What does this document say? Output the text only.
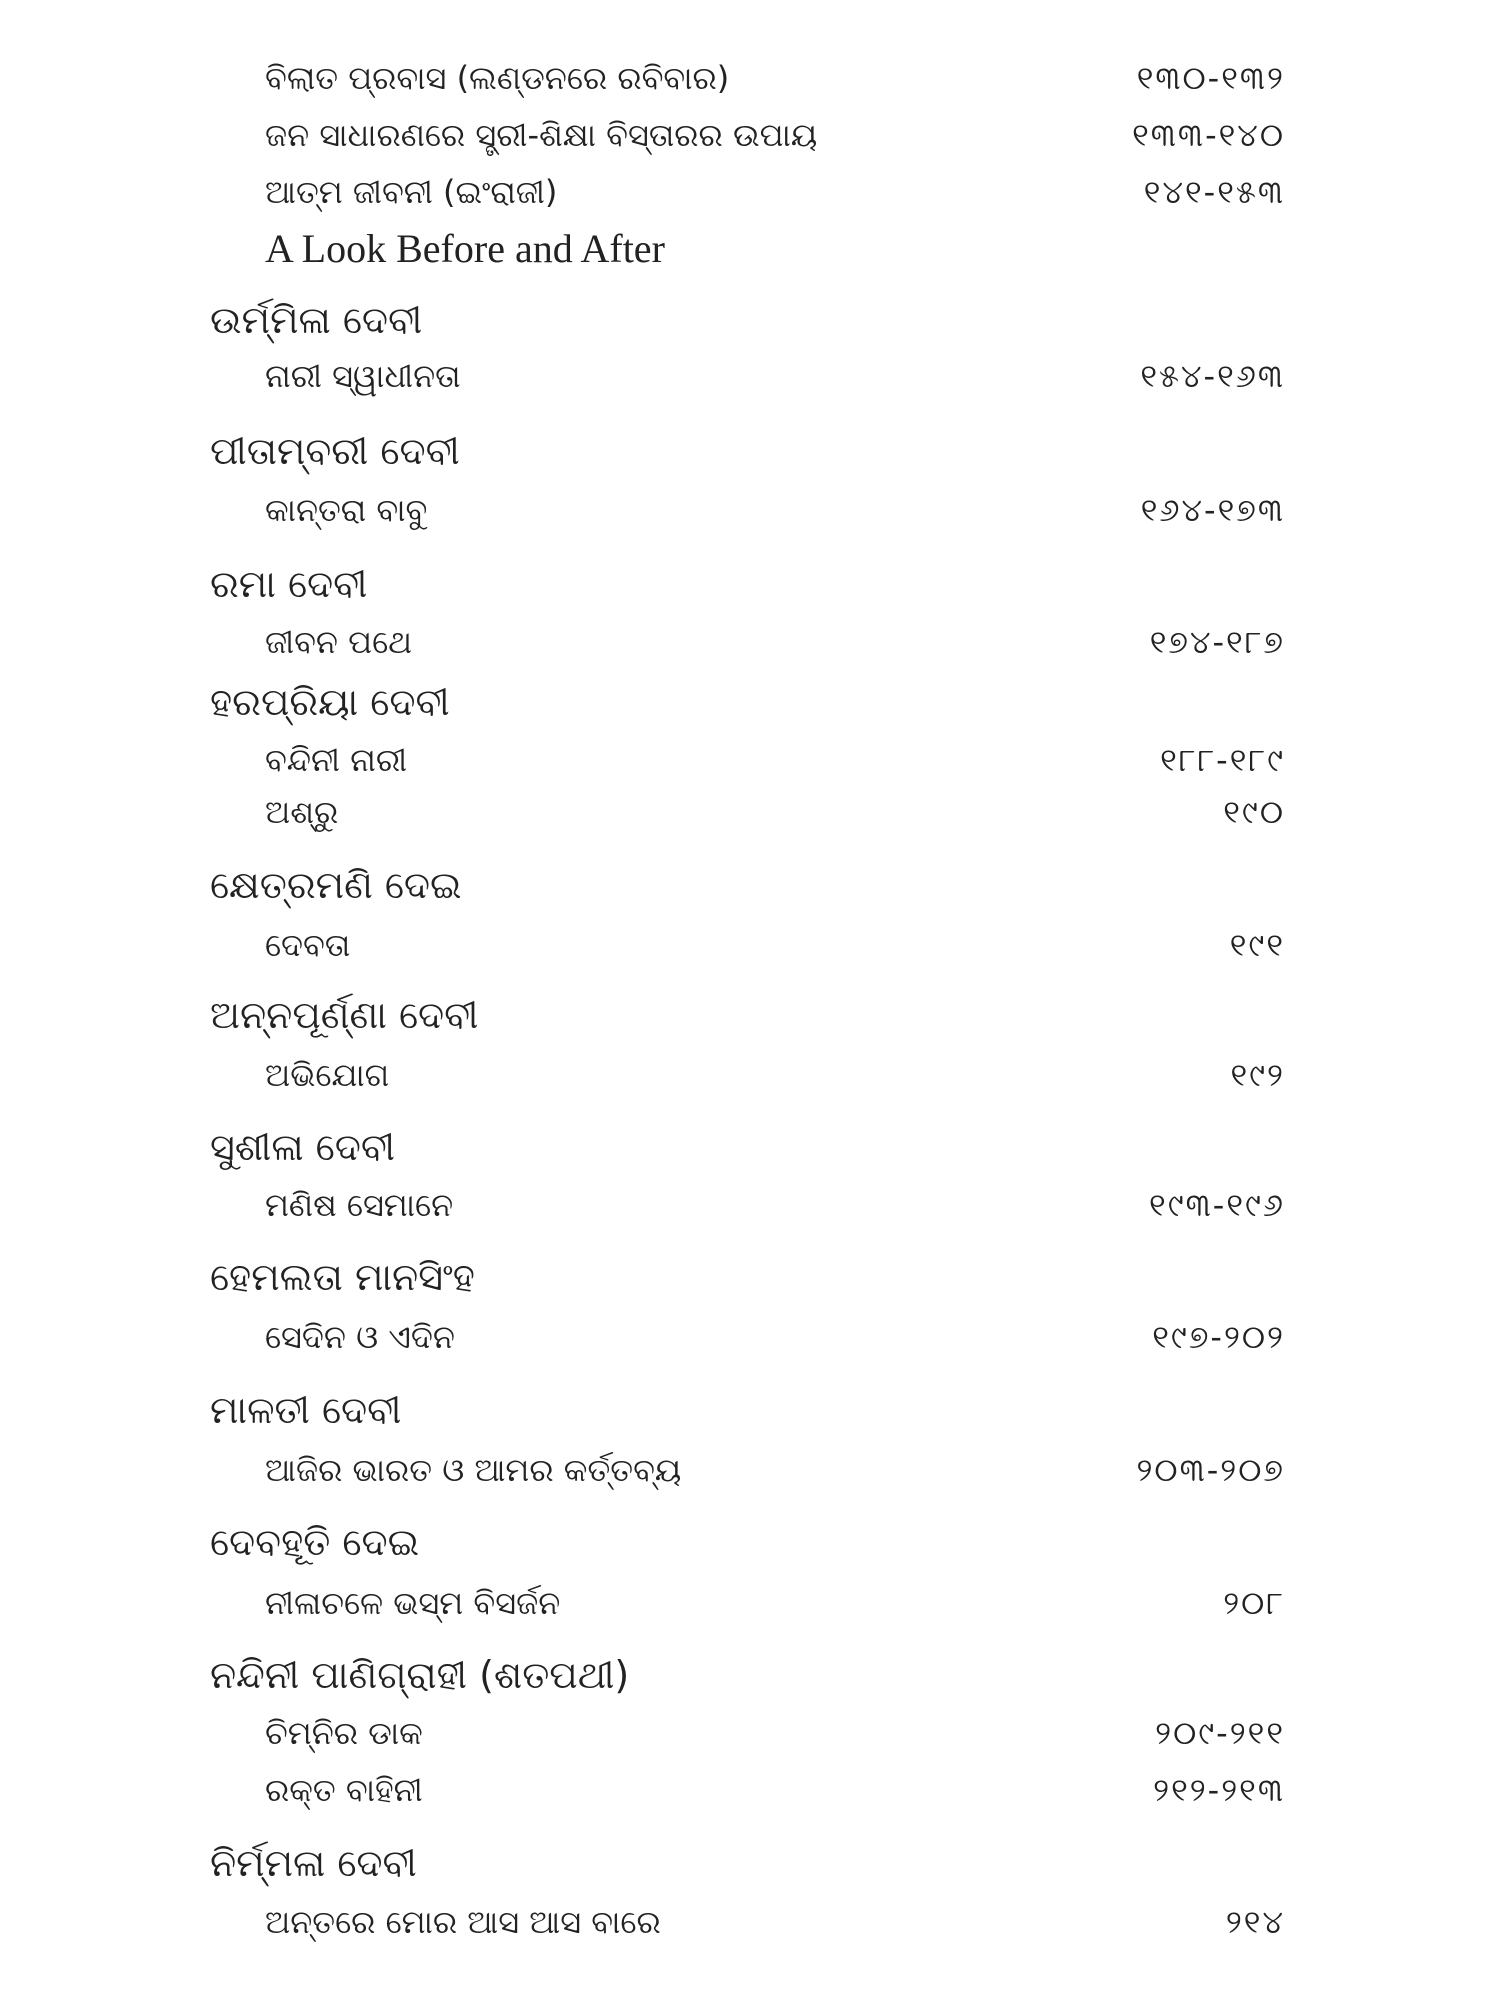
ବିଲାତ ପ୍ରବାସ (ଲଣ୍ଡନରେ ରବିବାର)	୧୩୦-୧୩୨
ଜନ ସାଧାରଣରେ ସ୍ତ୍ରୀ-ଶିକ୍ଷା ବିସ୍ତାରର ଉପାୟ	୧୩୩-୧୪୦
ଆତ୍ମ ଜୀବନୀ (ଇଂରାଜୀ)	୧୪୧-୧୫୩
A Look Before and After
ଉର୍ମ୍ମିଳା ଦେବୀ
ନାରୀ ସ୍ୱାଧୀନତା	୧୫୪-୧୬୩
ପୀତାମ୍ବରୀ ଦେବୀ
କାନ୍ତରା ବାବୁ	୧୬୪-୧୭୩
ରମା ଦେବୀ
ଜୀବନ ପଥେ	୧୭୪-୧୮୭
ହରପ୍ରିୟା ଦେବୀ
ବନ୍ଦିନୀ ନାରୀ	୧୮୮-୧୮୯
ଅଶ୍ରୁ	୧୯୦
କ୍ଷେତ୍ରମଣି ଦେଇ
ଦେବତା	୧୯୧
ଅନ୍ନପୂର୍ଣ୍ଣା ଦେବୀ
ଅଭିଯୋଗ	୧୯୨
ସୁଶୀଳା ଦେବୀ
ମଣିଷ ସେମାନେ	୧୯୩-୧୯୬
ହେମଲତା ମାନସିଂହ
ସେଦିନ ଓ ଏଦିନ	୧୯୭-୨୦୨
ମାଳତୀ ଦେବୀ
ଆଜିର ଭାରତ ଓ ଆମର କର୍ତ୍ତବ୍ୟ	୨୦୩-୨୦୭
ଦେବହୂତି ଦେଇ
ନୀଳାଚଳେ ଭସ୍ମ ବିସର୍ଜନ	୨୦୮
ନନ୍ଦିନୀ ପାଣିଗ୍ରାହୀ (ଶତପଥୀ)
ଚିମ୍ନିର ଡାକ	୨୦୯-୨୧୧
ରକ୍ତ ବାହିନୀ	୨୧୨-୨୧୩
ନିର୍ମ୍ମଳା ଦେବୀ
ଅନ୍ତରେ ମୋର ଆସ ଆସ ବାରେ	୨୧୪
